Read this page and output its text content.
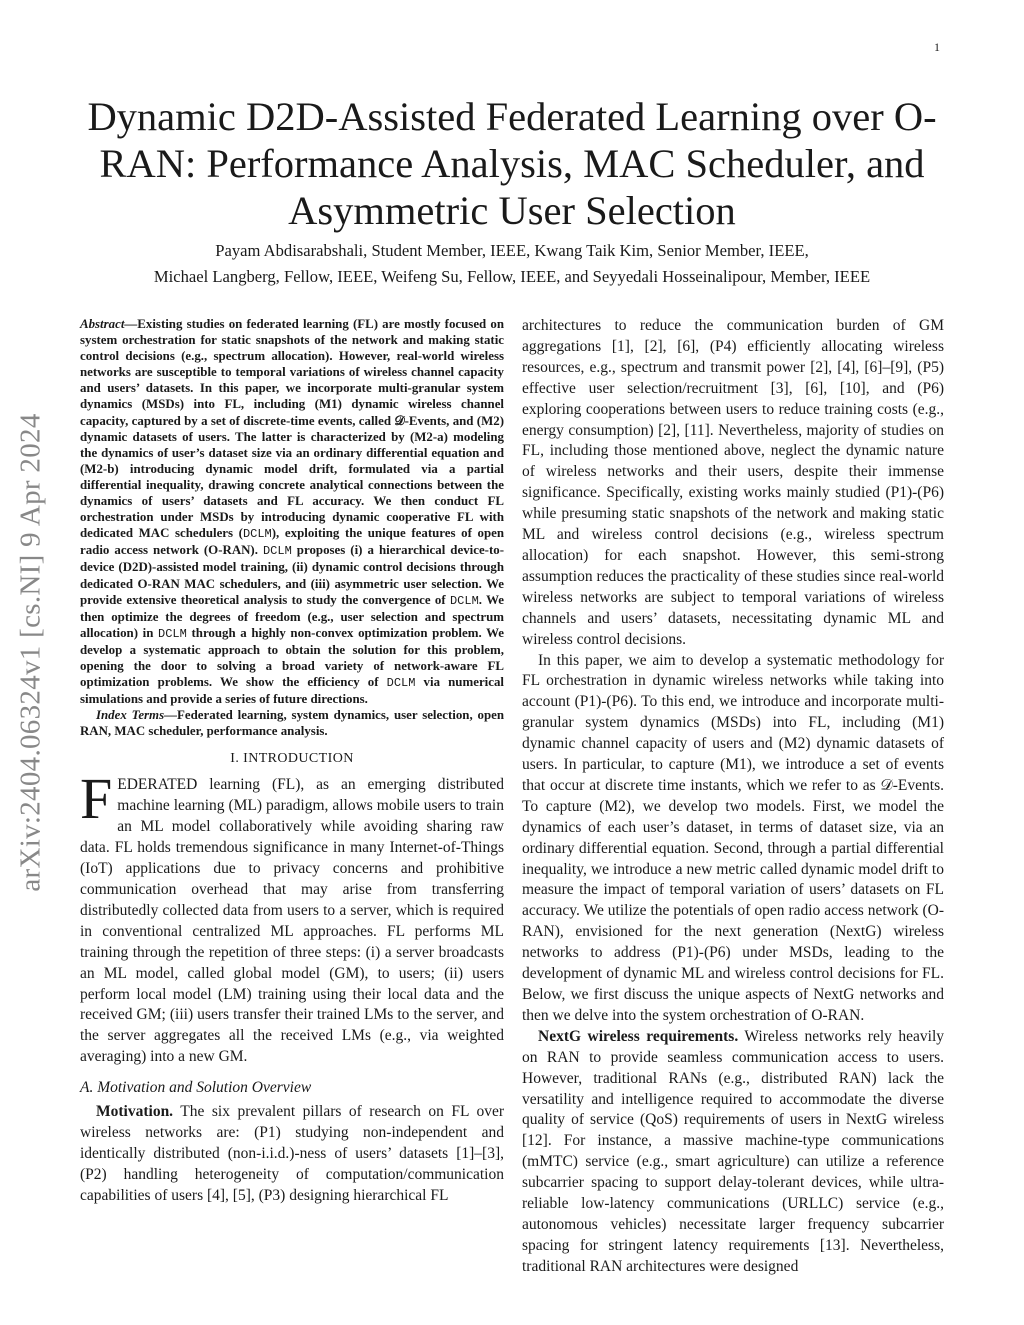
1
arXiv:2404.06324v1 [cs.NI] 9 Apr 2024
Dynamic D2D-Assisted Federated Learning over O-RAN: Performance Analysis, MAC Scheduler, and Asymmetric User Selection
Payam Abdisarabshali, Student Member, IEEE, Kwang Taik Kim, Senior Member, IEEE,
Michael Langberg, Fellow, IEEE, Weifeng Su, Fellow, IEEE, and Seyyedali Hosseinalipour, Member, IEEE

Abstract—Existing studies on federated learning (FL) are mostly focused on system orchestration for static snapshots of the network and making static control decisions (e.g., spectrum allocation). However, real-world wireless networks are susceptible to temporal variations of wireless channel capacity and users’ datasets. In this paper, we incorporate multi-granular system dynamics (MSDs) into FL, including (M1) dynamic wireless channel capacity, captured by a set of discrete-time events, called 𝒟-Events, and (M2) dynamic datasets of users. The latter is characterized by (M2-a) modeling the dynamics of user’s dataset size via an ordinary differential equation and (M2-b) introducing dynamic model drift, formulated via a partial differential inequality, drawing concrete analytical connections between the dynamics of users’ datasets and FL accuracy. We then conduct FL orchestration under MSDs by introducing dynamic cooperative FL with dedicated MAC schedulers (DCLM), exploiting the unique features of open radio access network (O-RAN). DCLM proposes (i) a hierarchical device-to-device (D2D)-assisted model training, (ii) dynamic control decisions through dedicated O-RAN MAC schedulers, and (iii) asymmetric user selection. We provide extensive theoretical analysis to study the convergence of DCLM. We then optimize the degrees of freedom (e.g., user selection and spectrum allocation) in DCLM through a highly non-convex optimization problem. We develop a systematic approach to obtain the solution for this problem, opening the door to solving a broad variety of network-aware FL optimization problems. We show the efficiency of DCLM via numerical simulations and provide a series of future directions.

Index Terms—Federated learning, system dynamics, user selection, open RAN, MAC scheduler, performance analysis.

I. INTRODUCTION

FEDERATED learning (FL), as an emerging distributed machine learning (ML) paradigm, allows mobile users to train an ML model collaboratively while avoiding sharing raw data. FL holds tremendous significance in many Internet-of-Things (IoT) applications due to privacy concerns and prohibitive communication overhead that may arise from transferring distributedly collected data from users to a server, which is required in conventional centralized ML approaches. FL performs ML training through the repetition of three steps: (i) a server broadcasts an ML model, called global model (GM), to users; (ii) users perform local model (LM) training using their local data and the received GM; (iii) users transfer their trained LMs to the server, and the server aggregates all the received LMs (e.g., via weighted averaging) into a new GM.

A. Motivation and Solution Overview

Motivation. The six prevalent pillars of research on FL over wireless networks are: (P1) studying non-independent and identically distributed (non-i.i.d.)-ness of users’ datasets [1]–[3], (P2) handling heterogeneity of computation/communication capabilities of users [4], [5], (P3) designing hierarchical FL

architectures to reduce the communication burden of GM aggregations [1], [2], [6], (P4) efficiently allocating wireless resources, e.g., spectrum and transmit power [2], [4], [6]–[9], (P5) effective user selection/recruitment [3], [6], [10], and (P6) exploring cooperations between users to reduce training costs (e.g., energy consumption) [2], [11]. Nevertheless, majority of studies on FL, including those mentioned above, neglect the dynamic nature of wireless networks and their users, despite their immense significance. Specifically, existing works mainly studied (P1)-(P6) while presuming static snapshots of the network and making static ML and wireless control decisions (e.g., wireless spectrum allocation) for each snapshot. However, this semi-strong assumption reduces the practicality of these studies since real-world wireless networks are subject to temporal variations of wireless channels and users’ datasets, necessitating dynamic ML and wireless control decisions.

In this paper, we aim to develop a systematic methodology for FL orchestration in dynamic wireless networks while taking into account (P1)-(P6). To this end, we introduce and incorporate multi-granular system dynamics (MSDs) into FL, including (M1) dynamic channel capacity of users and (M2) dynamic datasets of users. In particular, to capture (M1), we introduce a set of events that occur at discrete time instants, which we refer to as 𝒟-Events. To capture (M2), we develop two models. First, we model the dynamics of each user’s dataset, in terms of dataset size, via an ordinary differential equation. Second, through a partial differential inequality, we introduce a new metric called dynamic model drift to measure the impact of temporal variation of users’ datasets on FL accuracy. We utilize the potentials of open radio access network (O-RAN), envisioned for the next generation (NextG) wireless networks to address (P1)-(P6) under MSDs, leading to the development of dynamic ML and wireless control decisions for FL. Below, we first discuss the unique aspects of NextG networks and then we delve into the system orchestration of O-RAN.

NextG wireless requirements. Wireless networks rely heavily on RAN to provide seamless communication access to users. However, traditional RANs (e.g., distributed RAN) lack the versatility and intelligence required to accommodate the diverse quality of service (QoS) requirements of users in NextG wireless [12]. For instance, a massive machine-type communications (mMTC) service (e.g., smart agriculture) can utilize a reference subcarrier spacing to support delay-tolerant devices, while ultra-reliable low-latency communications (URLLC) service (e.g., autonomous vehicles) necessitate larger frequency subcarrier spacing for stringent latency requirements [13]. Nevertheless, traditional RAN architectures were designed
